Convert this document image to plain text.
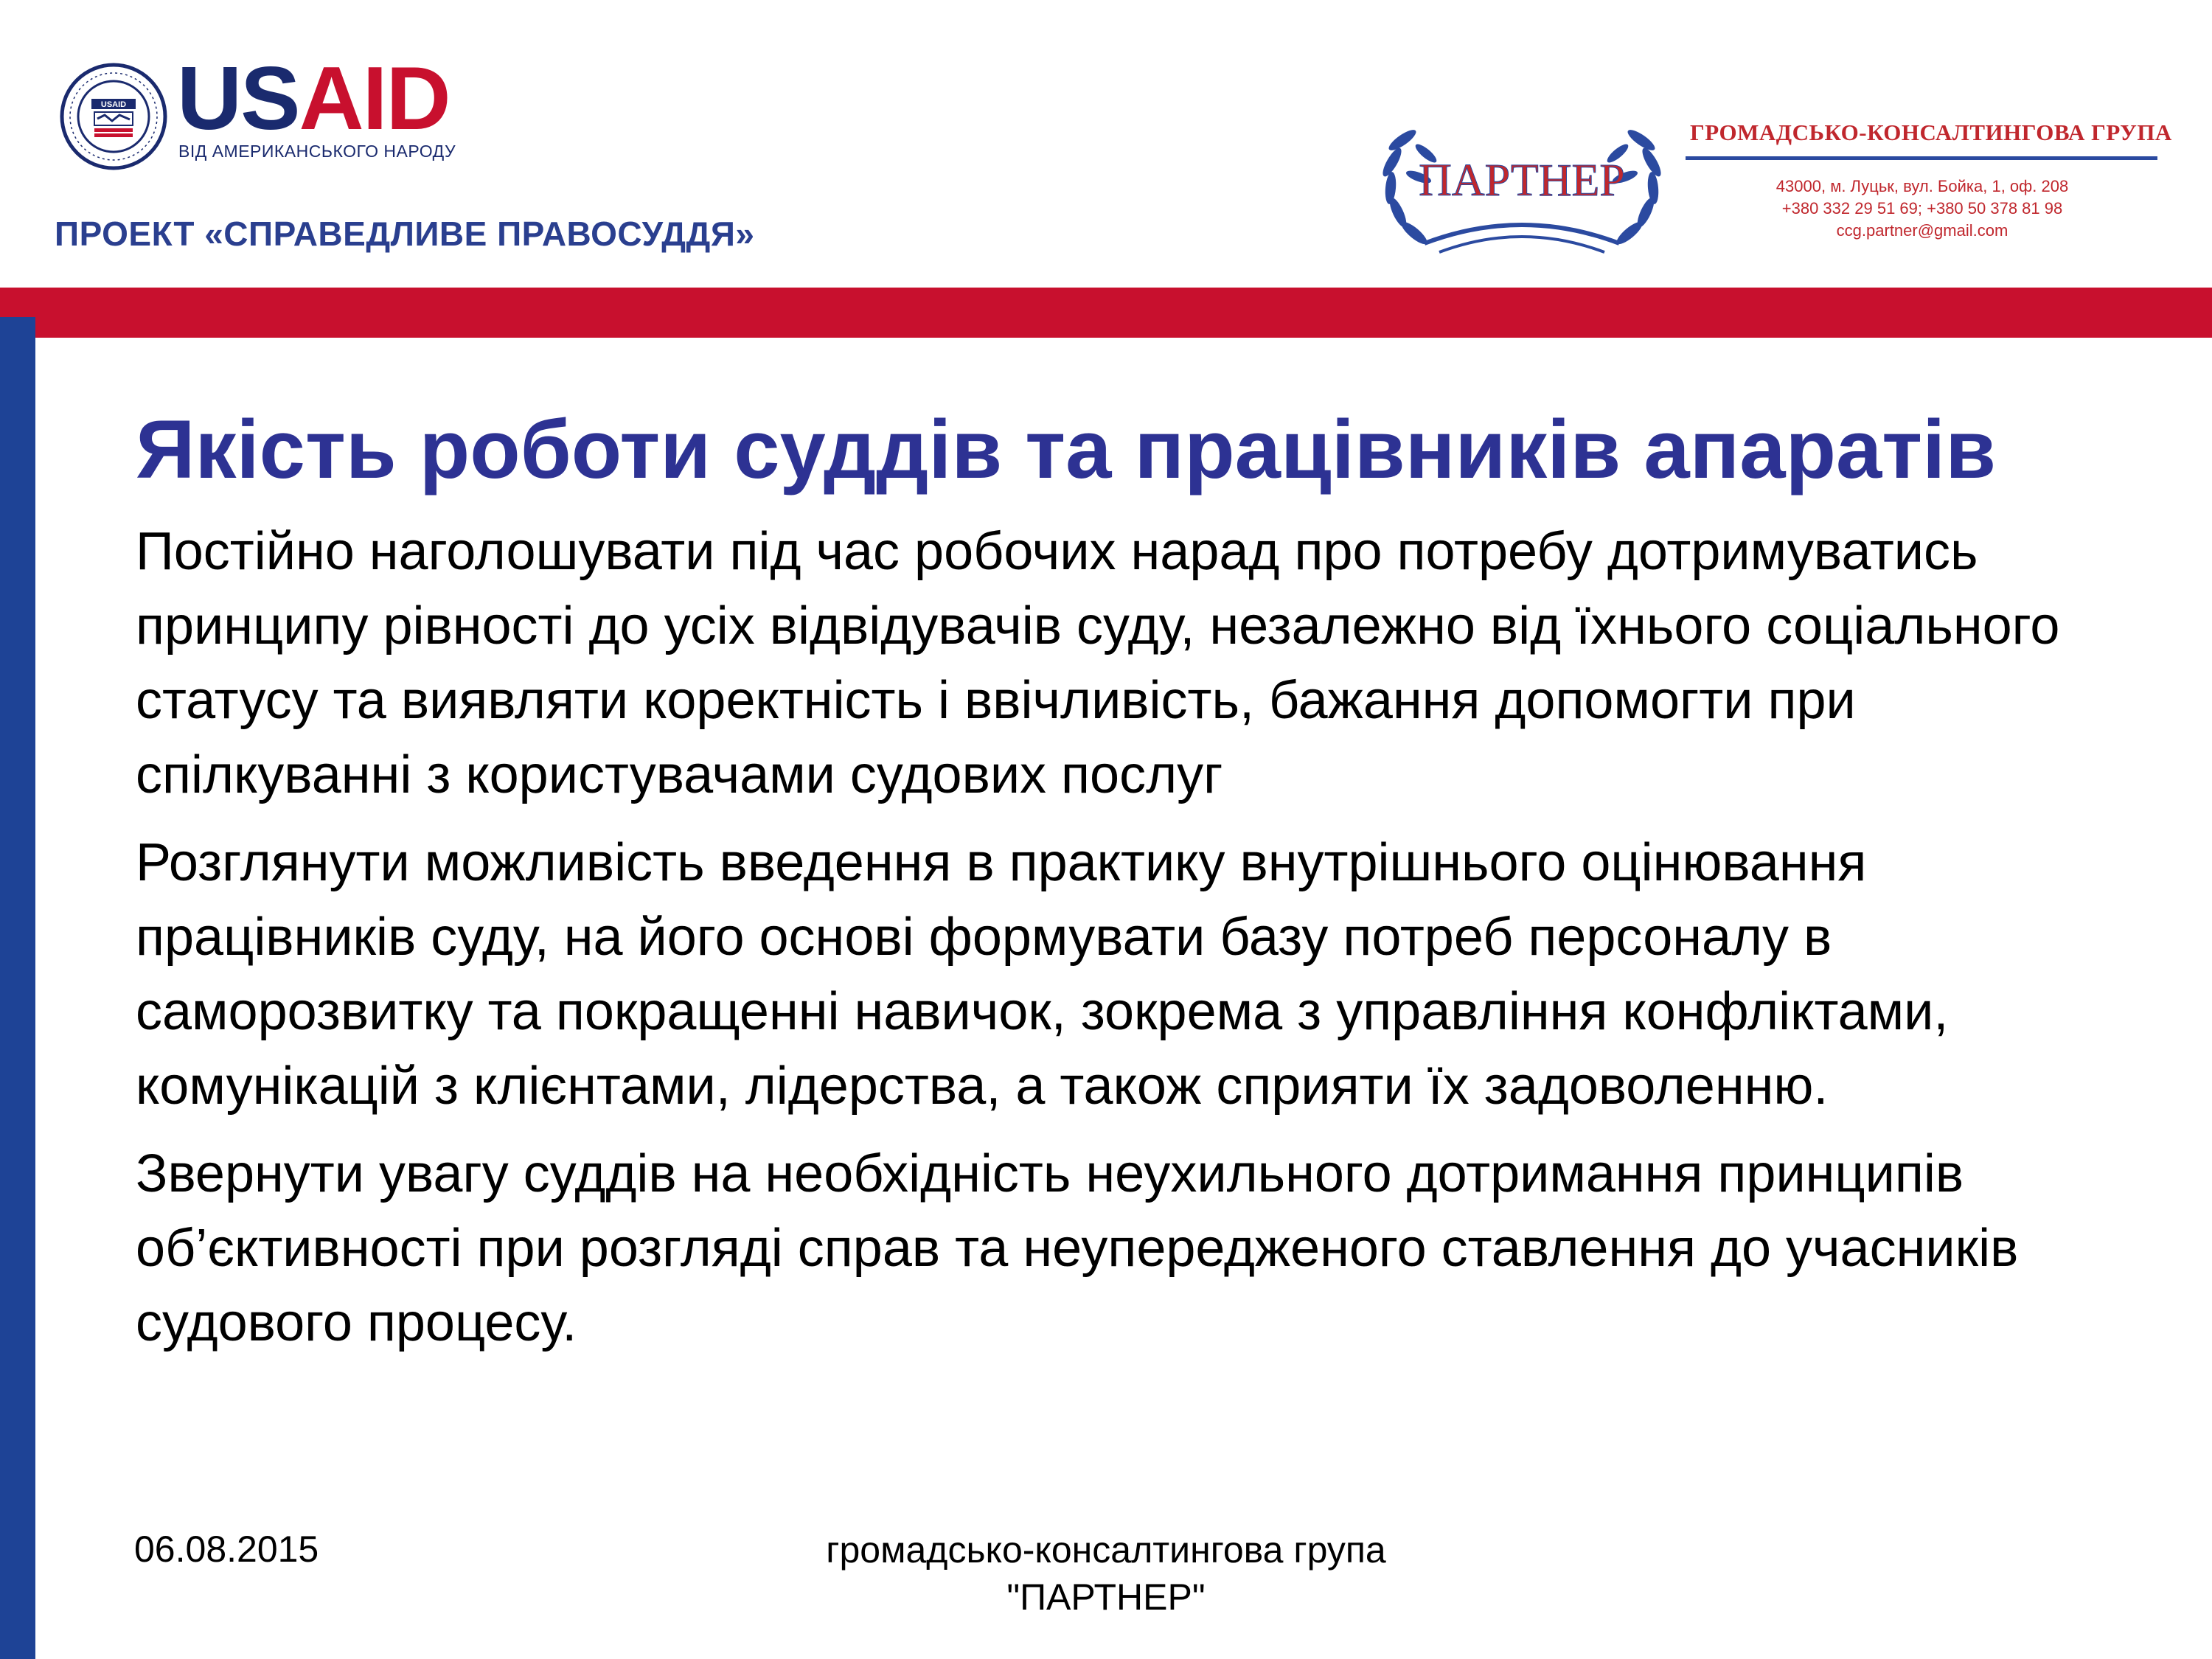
USAID USAID
ВІД АМЕРИКАНСЬКОГО НАРОДУ
ПРОЕКТ «СПРАВЕДЛИВЕ ПРАВОСУДДЯ»
ПАРТНЕР
ГРОМАДСЬКО-КОНСАЛТИНГОВА ГРУПА
43000, м. Луцьк, вул. Бойка, 1, оф. 208
+380 332 29 51 69; +380 50 378 81 98
ccg.partner@gmail.com
Якість роботи суддів та працівників апаратів

Постійно наголошувати під час робочих нарад про потребу дотримуватись принципу рівності до усіх відвідувачів суду, незалежно від їхнього соціального статусу та виявляти коректність і ввічливість, бажання допомогти при спілкуванні з користувачами судових послуг

Розглянути можливість введення в практику внутрішнього оцінювання працівників суду, на його основі формувати базу потреб персоналу в саморозвитку та покращенні навичок, зокрема з управління конфліктами, комунікацій з клієнтами, лідерства, а також сприяти їх задоволенню.

Звернути увагу суддів на необхідність неухильного дотримання принципів об’єктивності при розгляді справ та неупередженого ставлення до учасників судового процесу.

06.08.2015	громадсько-консалтингова група
"ПАРТНЕР"
